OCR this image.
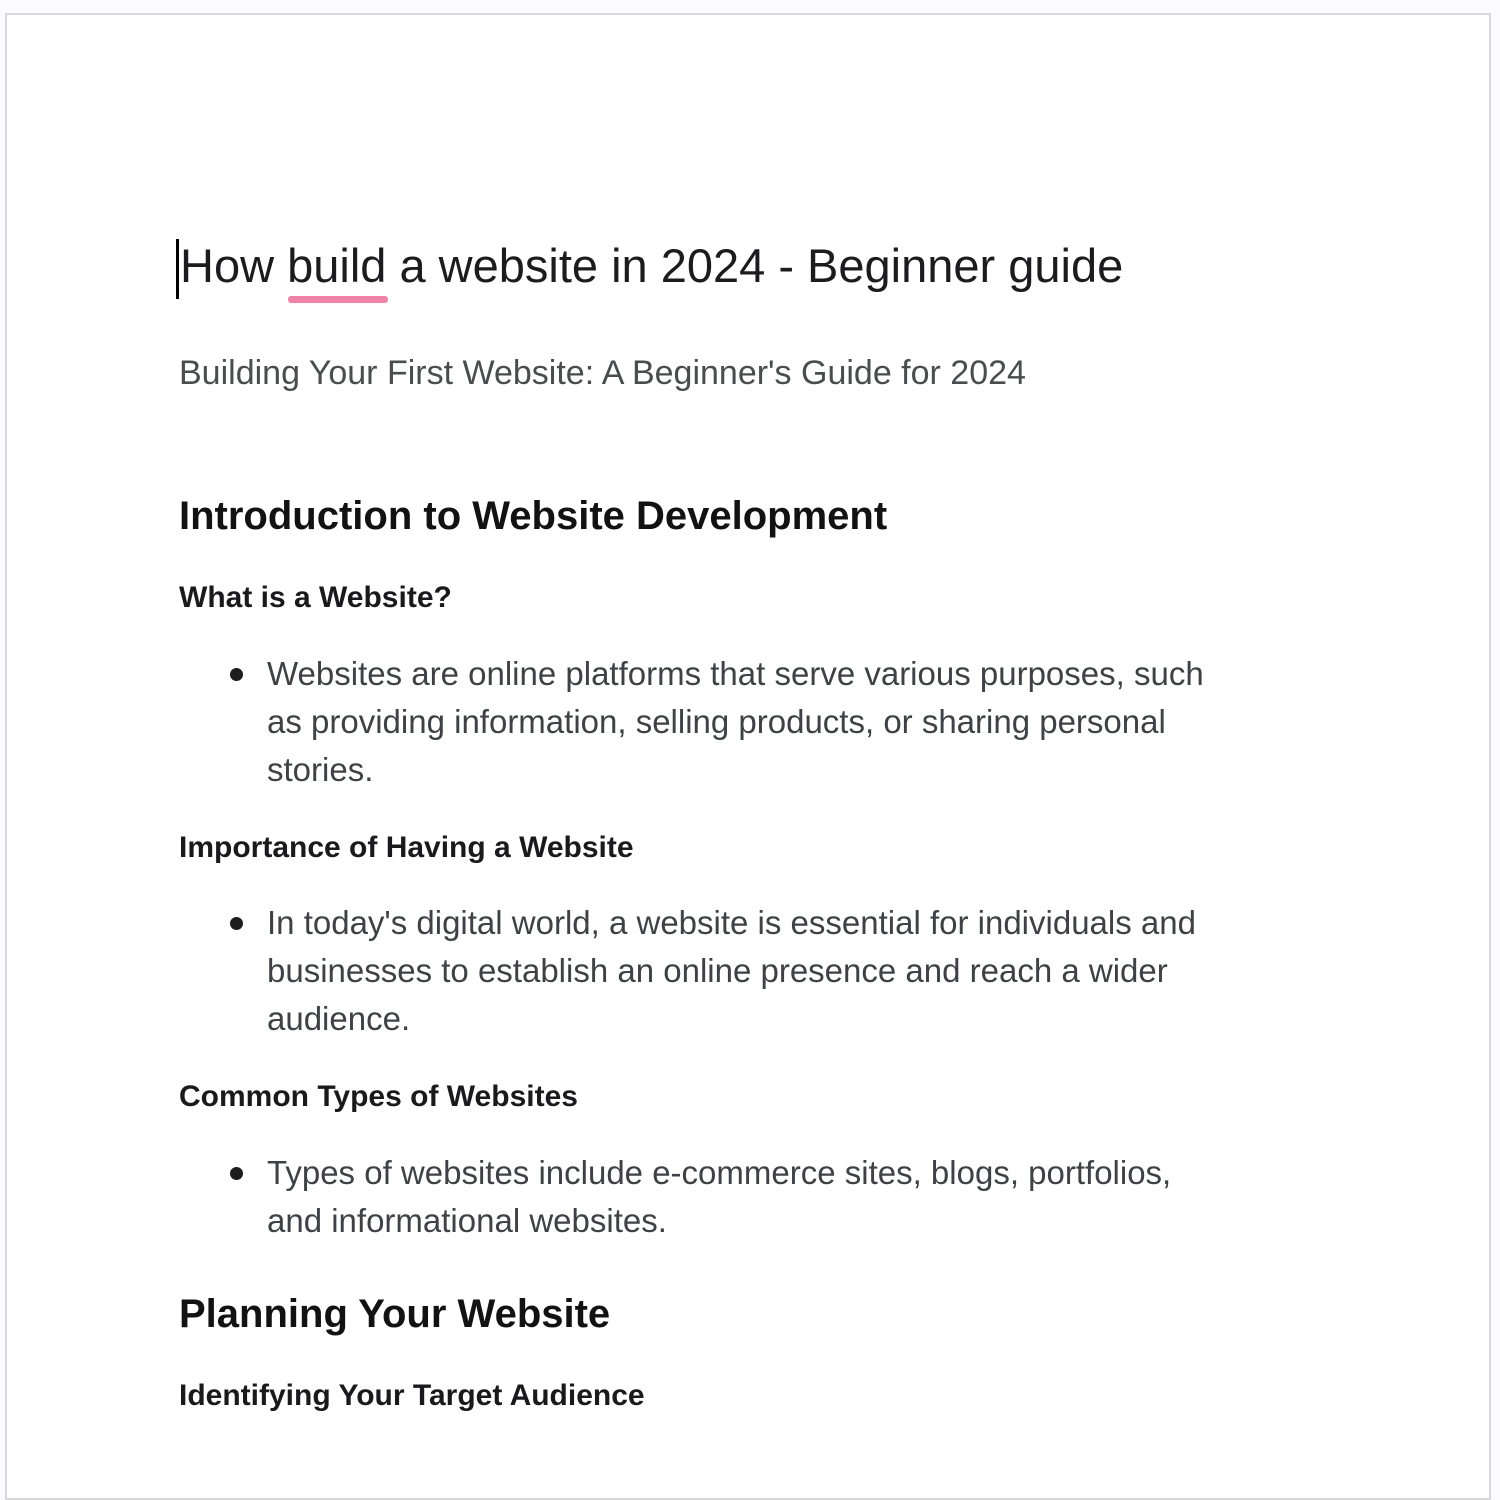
How build
a website in 2024 - Beginner guide
Building Your First Website: A Beginner's Guide for 2024
Introduction to Website Development
What is a Website?
Websites are online platforms that serve various purposes, such
as providing information, selling products, or sharing personal
stories.
Importance of Having a Website
In today's digital world, a website is essential for individuals and
businesses to establish an online presence and reach a wider
audience.
Common Types of Websites
Types of websites include e-commerce sites, blogs, portfolios,
and informational websites.
Planning Your Website
Identifying Your Target Audience
